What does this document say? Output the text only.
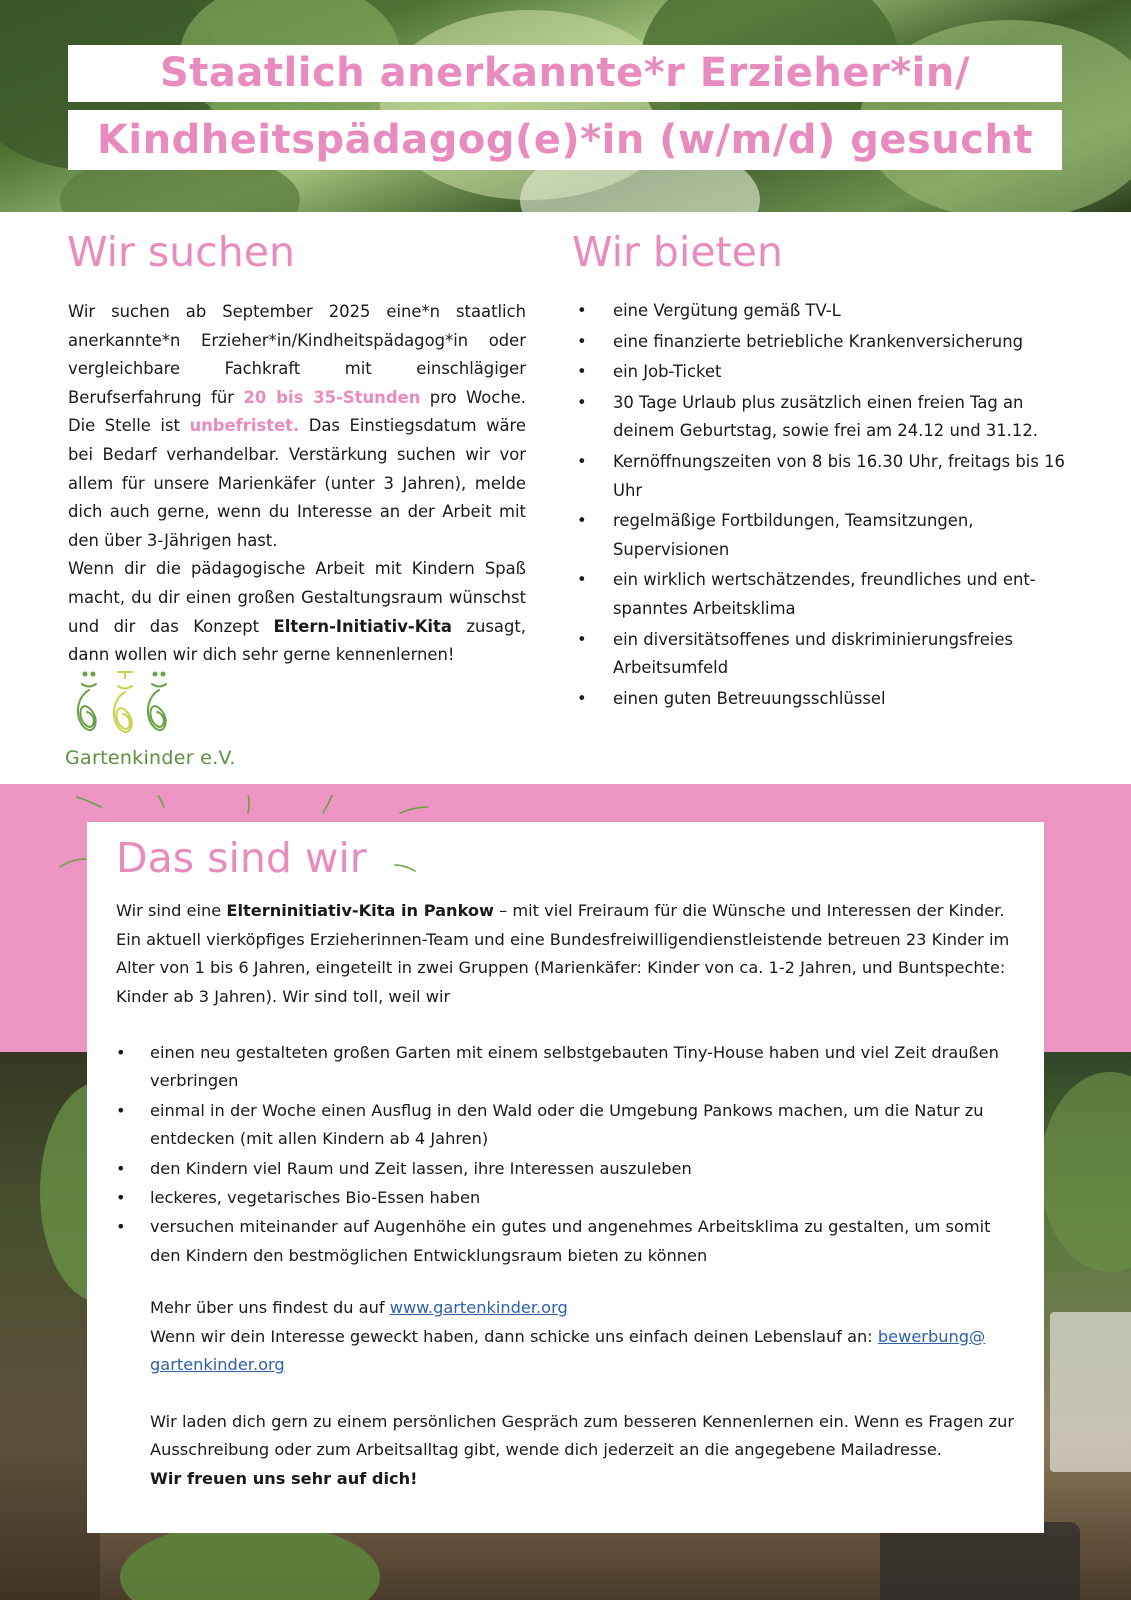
Staatlich anerkannte*r Erzieher*in/
Kindheitspädagog(e)*in (w/m/d) gesucht
Wir suchen

Wir suchen ab September 2025 eine*n staatlich anerkannte*n Erzieher*in/Kindheitspädagog*in oder vergleichbare Fachkraft mit einschlägiger Berufserfahrung für 20 bis 35-Stunden pro Woche. Die Stelle ist unbefristet. Das Einstiegsdatum wäre bei Bedarf verhandelbar. Verstärkung suchen wir vor allem für unsere Marienkäfer (unter 3 Jahren), melde dich auch gerne, wenn du Interesse an der Arbeit mit den über 3-Jährigen hast.

Wenn dir die pädagogische Arbeit mit Kindern Spaß macht, du dir einen großen Gestaltungsraum wünschst und dir das Konzept Eltern-Initiativ-Kita zusagt, dann wollen wir dich sehr gerne kennenlernen!

Gartenkinder e.V.
Wir bieten
• eine Vergütung gemäß TV-L
• eine finanzierte betriebliche Krankenversicherung
• ein Job-Ticket
• 30 Tage Urlaub plus zusätzlich einen freien Tag an deinem Geburtstag, sowie frei am 24.12 und 31.12.
• Kernöffnungszeiten von 8 bis 16.30 Uhr, freitags bis 16 Uhr
• regelmäßige Fortbildungen, Teamsitzungen, Supervisionen
• ein wirklich wertschätzendes, freundliches und ent-spanntes Arbeitsklima
• ein diversitätsoffenes und diskriminierungsfreies Arbeitsumfeld
• einen guten Betreuungsschlüssel
Das sind wir

Wir sind eine Elterninitiativ-Kita in Pankow – mit viel Freiraum für die Wünsche und Interessen der Kinder. Ein aktuell vierköpfiges Erzieherinnen-Team und eine Bundesfreiwilligendienstleistende betreuen 23 Kinder im Alter von 1 bis 6 Jahren, eingeteilt in zwei Gruppen (Marienkäfer: Kinder von ca. 1-2 Jahren, und Buntspechte: Kinder ab 3 Jahren). Wir sind toll, weil wir

• einen neu gestalteten großen Garten mit einem selbstgebauten Tiny-House haben und viel Zeit draußen verbringen
• einmal in der Woche einen Ausflug in den Wald oder die Umgebung Pankows machen, um die Natur zu entdecken (mit allen Kindern ab 4 Jahren)
• den Kindern viel Raum und Zeit lassen, ihre Interessen auszuleben
• leckeres, vegetarisches Bio-Essen haben
• versuchen miteinander auf Augenhöhe ein gutes und angenehmes Arbeitsklima zu gestalten, um somit den Kindern den bestmöglichen Entwicklungsraum bieten zu können

Mehr über uns findest du auf www.gartenkinder.org

Wenn wir dein Interesse geweckt haben, dann schicke uns einfach deinen Lebenslauf an: bewerbung@ gartenkinder.org

Wir laden dich gern zu einem persönlichen Gespräch zum besseren Kennenlernen ein. Wenn es Fragen zur Ausschreibung oder zum Arbeitsalltag gibt, wende dich jederzeit an die angegebene Mailadresse.

Wir freuen uns sehr auf dich!
